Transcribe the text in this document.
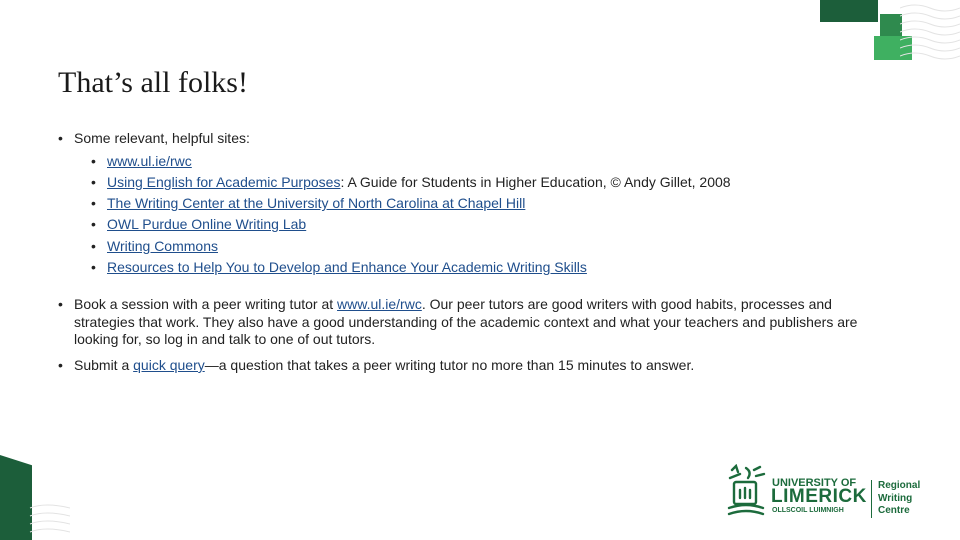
That’s all folks!
• Some relevant, helpful sites:
• www.ul.ie/rwc
• Using English for Academic Purposes: A Guide for Students in Higher Education, © Andy Gillet, 2008
• The Writing Center at the University of North Carolina at Chapel Hill
• OWL Purdue Online Writing Lab
• Writing Commons
• Resources to Help You to Develop and Enhance Your Academic Writing Skills
• Book a session with a peer writing tutor at www.ul.ie/rwc. Our peer tutors are good writers with good habits, processes and strategies that work. They also have a good understanding of the academic context and what your teachers and publishers are looking for, so log in and talk to one of out tutors.
• Submit a quick query—a question that takes a peer writing tutor no more than 15 minutes to answer.
UNIVERSITY OF
LIMERICK
OLLSCOIL LUIMNIGH
Regional
Writing
Centre
